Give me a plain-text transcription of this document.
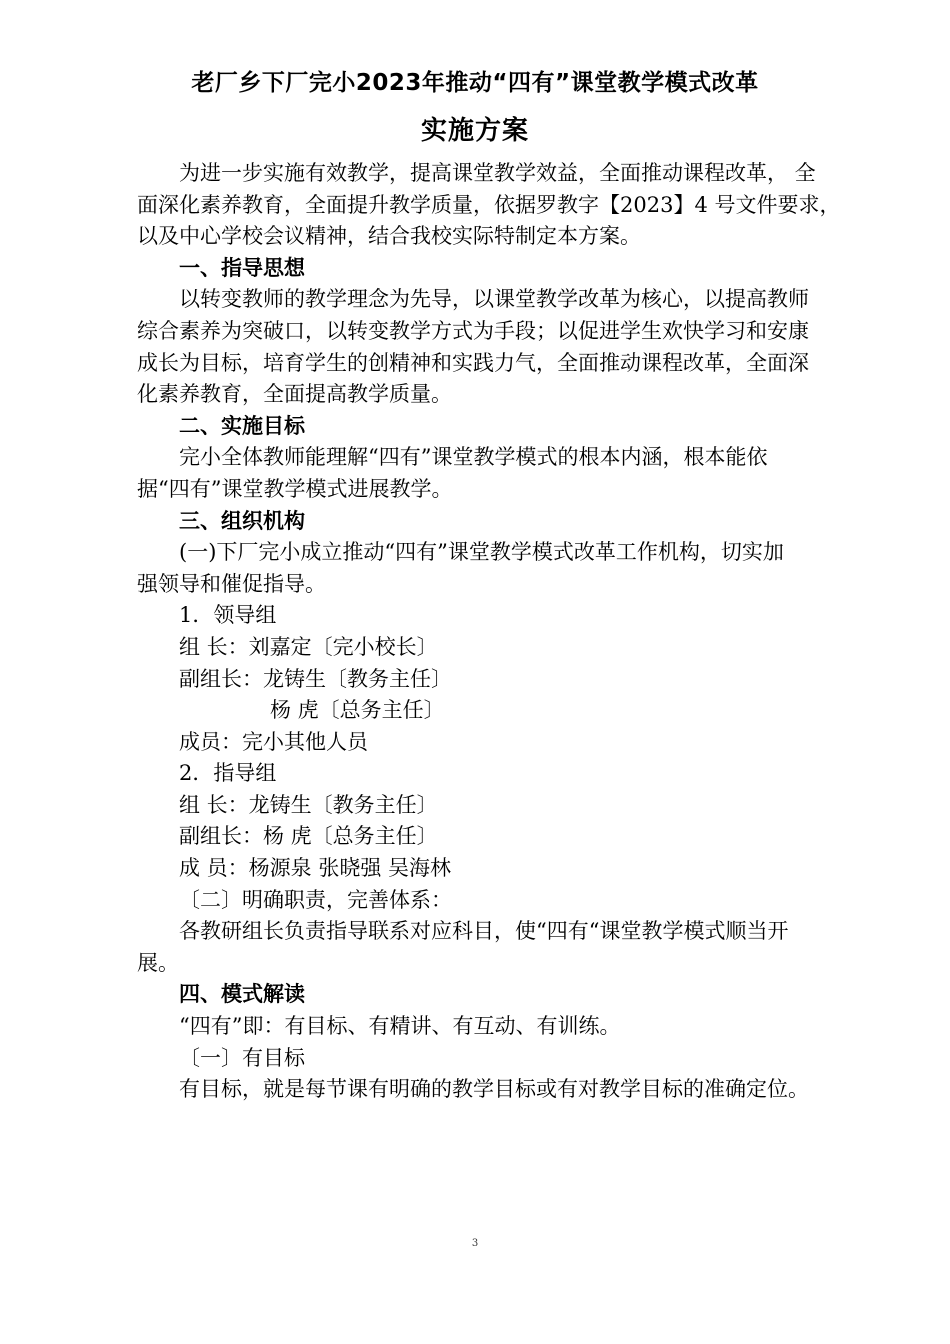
老厂乡下厂完小2023年推动“四有”课堂教学模式改革
实施方案

为进一步实施有效教学，提高课堂教学效益，全面推动课程改革， 全

面深化素养教育，全面提升教学质量，依据罗教字【2023】4 号文件要求，

以及中心学校会议精神，结合我校实际特制定本方案。

一、指导思想

以转变教师的教学理念为先导，以课堂教学改革为核心，以提高教师

综合素养为突破口，以转变教学方式为手段；以促进学生欢快学习和安康

成长为目标，培育学生的创精神和实践力气，全面推动课程改革，全面深

化素养教育，全面提高教学质量。

二、实施目标

完小全体教师能理解“四有”课堂教学模式的根本内涵，根本能依

据“四有”课堂教学模式进展教学。

三、组织机构

(一)下厂完小成立推动“四有”课堂教学模式改革工作机构，切实加

强领导和催促指导。

1．领导组

组 长：刘嘉定〔完小校长〕

副组长：龙铸生〔教务主任〕

杨 虎〔总务主任〕

成员：完小其他人员

2．指导组

组 长：龙铸生〔教务主任〕

副组长：杨 虎〔总务主任〕

成 员：杨源泉 张晓强 吴海林

〔二〕明确职责，完善体系：

各教研组长负责指导联系对应科目，使“四有“课堂教学模式顺当开

展。

四、模式解读

“四有”即：有目标、有精讲、有互动、有训练。

〔一〕有目标

有目标，就是每节课有明确的教学目标或有对教学目标的准确定位。

3
